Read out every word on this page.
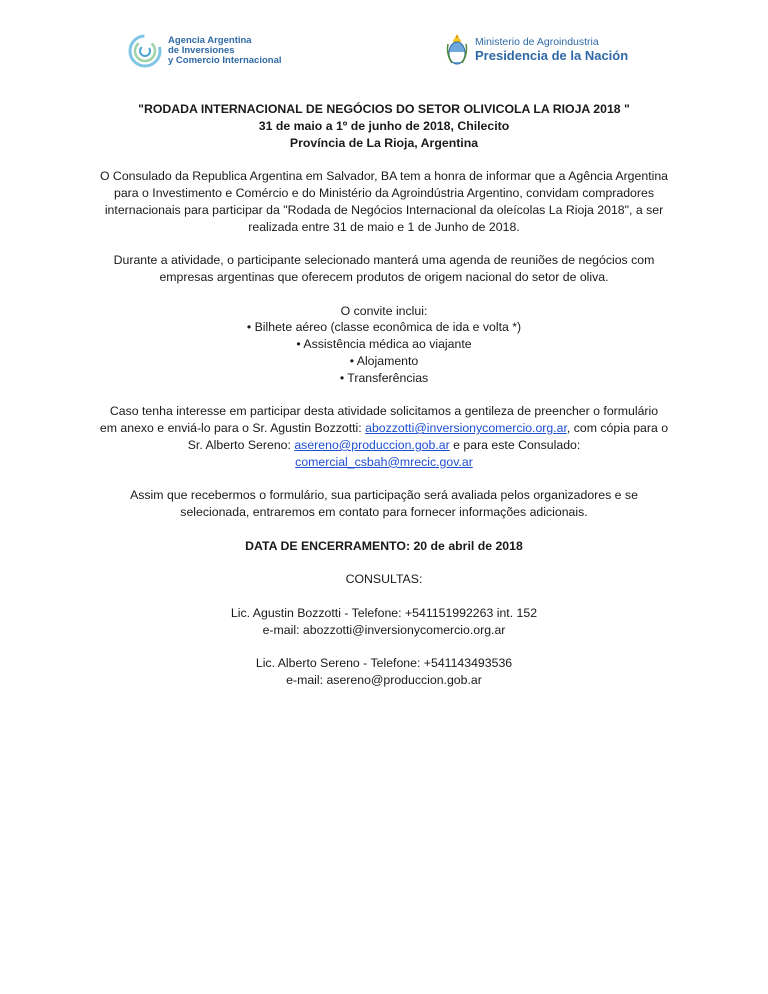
Agencia Argentina
de Inversiones
y Comercio Internacional
Ministerio de Agroindustria
Presidencia de la Nación

"RODADA INTERNACIONAL DE NEGÓCIOS DO SETOR OLIVICOLA LA RIOJA 2018 "

31 de maio a 1º de junho de 2018, Chilecito

Província de La Rioja, Argentina

O Consulado da Republica Argentina em Salvador, BA tem a honra de informar que a Agência Argentina

para o Investimento e Comércio e do Ministério da Agroindústria Argentino, convidam compradores

internacionais para participar da "Rodada de Negócios Internacional da oleícolas La Rioja 2018", a ser

realizada entre 31 de maio e 1 de Junho de 2018.

Durante a atividade, o participante selecionado manterá uma agenda de reuniões de negócios com

empresas argentinas que oferecem produtos de origem nacional do setor de oliva.

O convite inclui:

• Bilhete aéreo (classe econômica de ida e volta *)

• Assistência médica ao viajante

• Alojamento

• Transferências

Caso tenha interesse em participar desta atividade solicitamos a gentileza de preencher o formulário

em anexo e enviá-lo para o Sr. Agustin Bozzotti: abozzotti@inversionycomercio.org.ar, com cópia para o

Sr. Alberto Sereno: asereno@produccion.gob.ar e para este Consulado:

comercial_csbah@mrecic.gov.ar

Assim que recebermos o formulário, sua participação será avaliada pelos organizadores e se

selecionada, entraremos em contato para fornecer informações adicionais.

DATA DE ENCERRAMENTO: 20 de abril de 2018

CONSULTAS:

Lic. Agustin Bozzotti - Telefone: +541151992263 int. 152

e-mail: abozzotti@inversionycomercio.org.ar

Lic. Alberto Sereno - Telefone: +541143493536

e-mail: asereno@produccion.gob.ar
